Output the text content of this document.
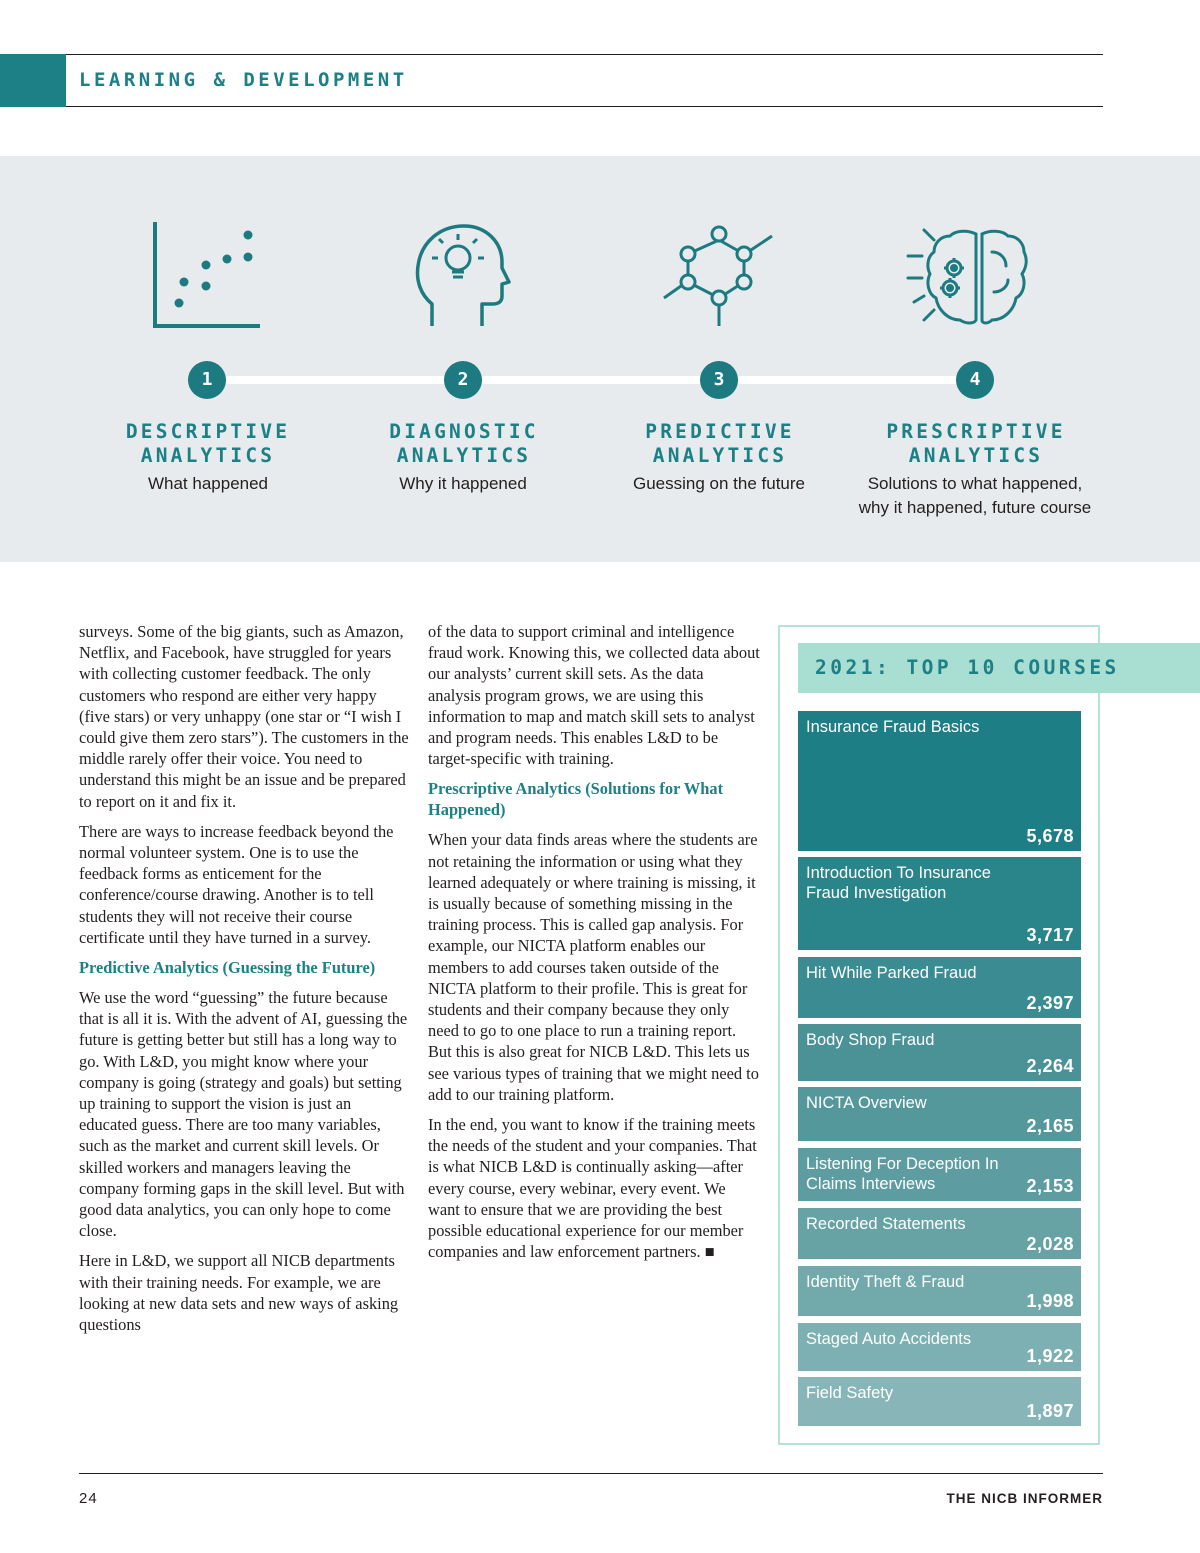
LEARNING & DEVELOPMENT
1
DESCRIPTIVE
ANALYTICS
What happened
2
DIAGNOSTIC
ANALYTICS
Why it happened
3
PREDICTIVE
ANALYTICS
Guessing on the future
4
PRESCRIPTIVE
ANALYTICS
Solutions to what happened,
why it happened, future course

surveys. Some of the big giants, such as Amazon, Netflix, and Facebook, have struggled for years with collecting customer feedback. The only customers who respond are either very happy (five stars) or very unhappy (one star or “I wish I could give them zero stars”). The customers in the middle rarely offer their voice. You need to understand this might be an issue and be prepared to report on it and fix it.

There are ways to increase feedback beyond the normal volunteer system. One is to use the feedback forms as enticement for the conference/course drawing. Another is to tell students they will not receive their course certificate until they have turned in a survey.

Predictive Analytics (Guessing the Future)

We use the word “guessing” the future because that is all it is. With the advent of AI, guessing the future is getting better but still has a long way to go. With L&D, you might know where your company is going (strategy and goals) but setting up training to support the vision is just an educated guess. There are too many variables, such as the market and current skill levels. Or skilled workers and managers leaving the company forming gaps in the skill level. But with good data analytics, you can only hope to come close.

Here in L&D, we support all NICB departments with their training needs. For example, we are looking at new data sets and new ways of asking questions

of the data to support criminal and intelligence fraud work. Knowing this, we collected data about our analysts’ current skill sets. As the data analysis program grows, we are using this information to map and match skill sets to analyst and program needs. This enables L&D to be target-specific with training.

Prescriptive Analytics (Solutions for What Happened)

When your data finds areas where the students are not retaining the information or using what they learned adequately or where training is missing, it is usually because of something missing in the training process. This is called gap analysis. For example, our NICTA platform enables our members to add courses taken outside of the NICTA platform to their profile. This is great for students and their company because they only need to go to one place to run a training report. But this is also great for NICB L&D. This lets us see various types of training that we might need to add to our training platform.

In the end, you want to know if the training meets the needs of the student and your companies. That is what NICB L&D is continually asking—after every course, every webinar, every event. We want to ensure that we are providing the best possible educational experience for our member companies and law enforcement partners. ■

2021: TOP 10 COURSES
Insurance Fraud Basics
5,678
Introduction To Insurance Fraud Investigation
3,717
Hit While Parked Fraud
2,397
Body Shop Fraud
2,264
NICTA Overview
2,165
Listening For Deception In Claims Interviews	2,153
Recorded Statements
2,028
Identity Theft & Fraud
1,998
Staged Auto Accidents
1,922
Field Safety
1,897
24	THE NICB INFORMER
